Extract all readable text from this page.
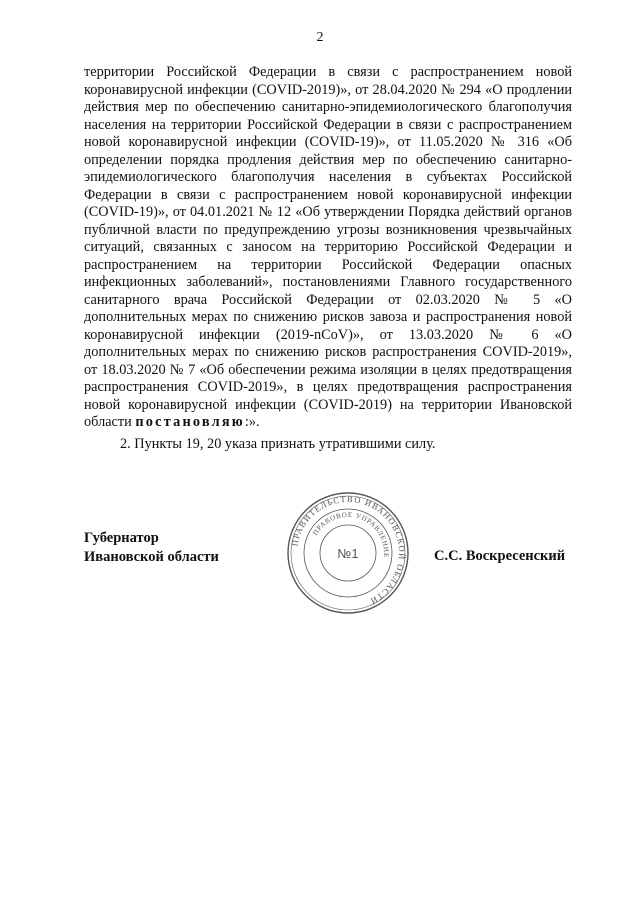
2

территории Российской Федерации в связи с распространением новой коронавирусной инфекции (COVID-2019)», от 28.04.2020 № 294 «О продлении действия мер по обеспечению санитарно-эпидемиологического благополучия населения на территории Российской Федерации в связи с распространением новой коронавирусной инфекции (COVID-19)», от 11.05.2020 № 316 «Об определении порядка продления действия мер по обеспечению санитарно-эпидемиологического благополучия населения в субъектах Российской Федерации в связи с распространением новой коронавирусной инфекции (COVID-19)», от 04.01.2021 № 12 «Об утверждении Порядка действий органов публичной власти по предупреждению угрозы возникновения чрезвычайных ситуаций, связанных с заносом на территорию Российской Федерации и распространением на территории Российской Федерации опасных инфекционных заболеваний», постановлениями Главного государственного санитарного врача Российской Федерации от 02.03.2020 № 5 «О дополнительных мерах по снижению рисков завоза и распространения новой коронавирусной инфекции (2019-nCoV)», от 13.03.2020 № 6 «О дополнительных мерах по снижению рисков распространения COVID-2019», от 18.03.2020 № 7 «Об обеспечении режима изоляции в целях предотвращения распространения COVID-2019», в целях предотвращения распространения новой коронавирусной инфекции (COVID-2019) на территории Ивановской области постановляю:».

2. Пункты 19, 20 указа признать утратившими силу.

Губернатор
Ивановской области
ПРАВИТЕЛЬСТВО ИВАНОВСКОЙ ОБЛАСТИ
ПРАВОВОЕ УПРАВЛЕНИЕ
№1	С.С. Воскресенский
